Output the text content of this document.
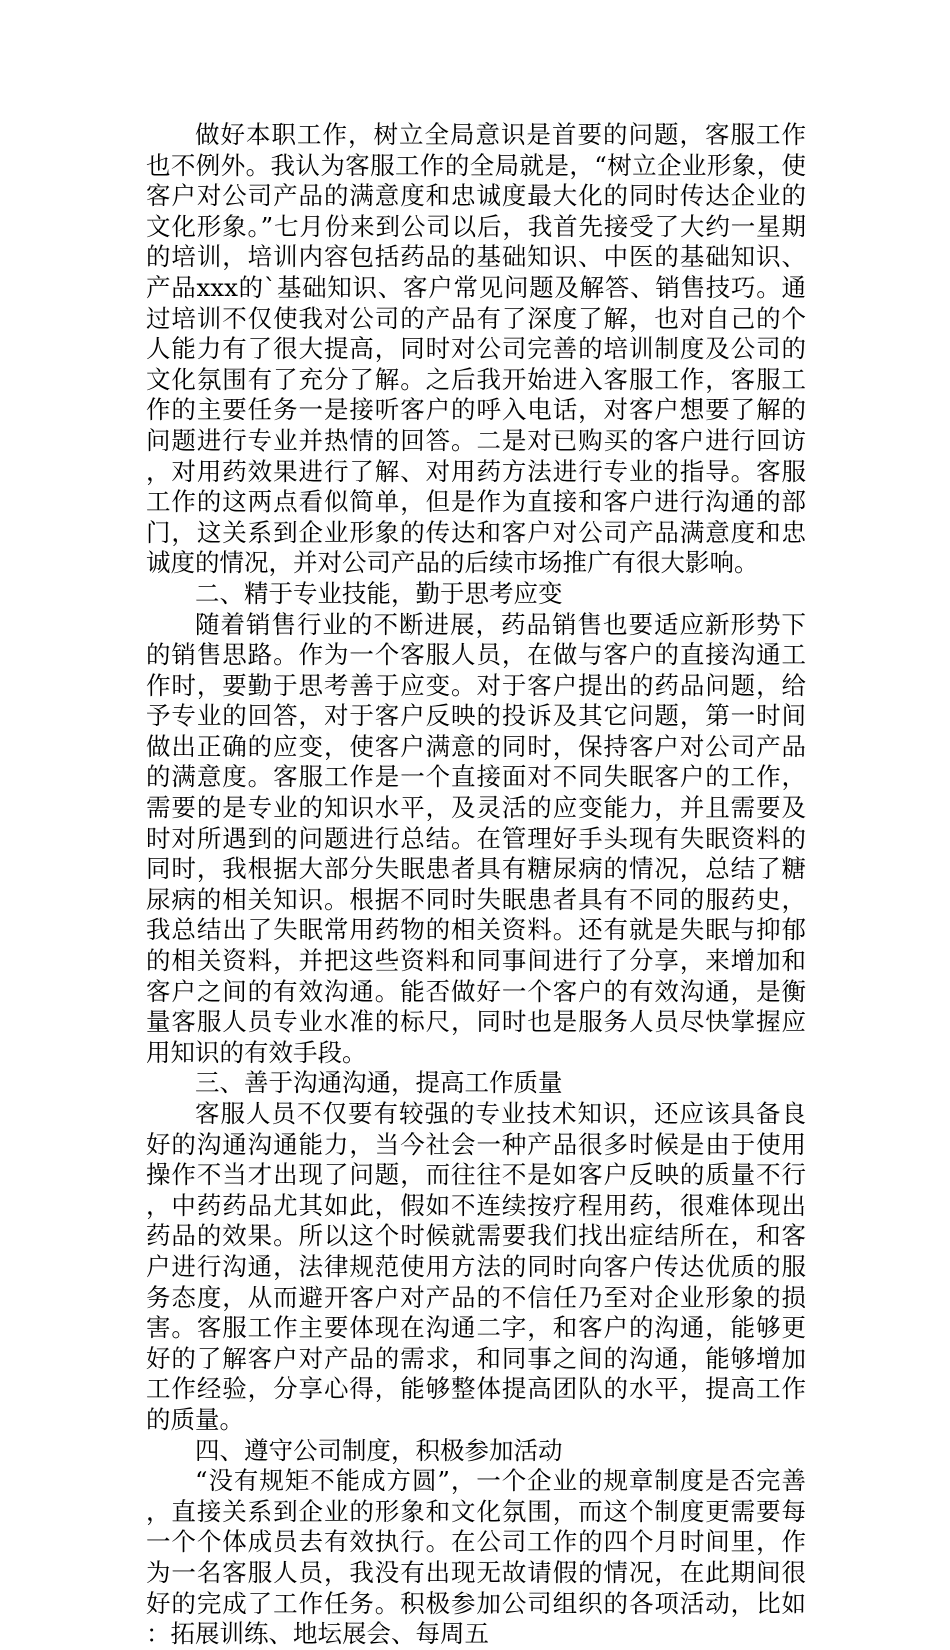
做好本职工作，树立全局意识是首要的问题，客服工作也不例外。我认为客服工作的全局就是，“树立企业形象，使客户对公司产品的满意度和忠诚度最大化的同时传达企业的文化形象。”七月份来到公司以后，我首先接受了大约一星期的培训，培训内容包括药品的基础知识、中医的基础知识、产品xxx的`基础知识、客户常见问题及解答、销售技巧。通过培训不仅使我对公司的产品有了深度了解，也对自己的个人能力有了很大提高，同时对公司完善的培训制度及公司的文化氛围有了充分了解。之后我开始进入客服工作，客服工作的主要任务一是接听客户的呼入电话，对客户想要了解的问题进行专业并热情的回答。二是对已购买的客户进行回访，对用药效果进行了解、对用药方法进行专业的指导。客服工作的这两点看似简单，但是作为直接和客户进行沟通的部门，这关系到企业形象的传达和客户对公司产品满意度和忠诚度的情况，并对公司产品的后续市场推广有很大影响。

二、精于专业技能，勤于思考应变

随着销售行业的不断进展，药品销售也要适应新形势下的销售思路。作为一个客服人员，在做与客户的直接沟通工作时，要勤于思考善于应变。对于客户提出的药品问题，给予专业的回答，对于客户反映的投诉及其它问题，第一时间做出正确的应变，使客户满意的同时，保持客户对公司产品的满意度。客服工作是一个直接面对不同失眠客户的工作，需要的是专业的知识水平，及灵活的应变能力，并且需要及时对所遇到的问题进行总结。在管理好手头现有失眠资料的同时，我根据大部分失眠患者具有糖尿病的情况，总结了糖尿病的相关知识。根据不同时失眠患者具有不同的服药史，我总结出了失眠常用药物的相关资料。还有就是失眠与抑郁的相关资料，并把这些资料和同事间进行了分享，来增加和客户之间的有效沟通。能否做好一个客户的有效沟通，是衡量客服人员专业水准的标尺，同时也是服务人员尽快掌握应用知识的有效手段。

三、善于沟通沟通，提高工作质量

客服人员不仅要有较强的专业技术知识，还应该具备良好的沟通沟通能力，当今社会一种产品很多时候是由于使用操作不当才出现了问题，而往往不是如客户反映的质量不行，中药药品尤其如此，假如不连续按疗程用药，很难体现出药品的效果。所以这个时候就需要我们找出症结所在，和客户进行沟通，法律规范使用方法的同时向客户传达优质的服务态度，从而避开客户对产品的不信任乃至对企业形象的损害。客服工作主要体现在沟通二字，和客户的沟通，能够更好的了解客户对产品的需求，和同事之间的沟通，能够增加工作经验，分享心得，能够整体提高团队的水平，提高工作的质量。

四、遵守公司制度，积极参加活动

“没有规矩不能成方圆”，一个企业的规章制度是否完善，直接关系到企业的形象和文化氛围，而这个制度更需要每一个个体成员去有效执行。在公司工作的四个月时间里，作为一名客服人员，我没有出现无故请假的情况，在此期间很好的完成了工作任务。积极参加公司组织的各项活动，比如：拓展训练、地坛展会、每周五
